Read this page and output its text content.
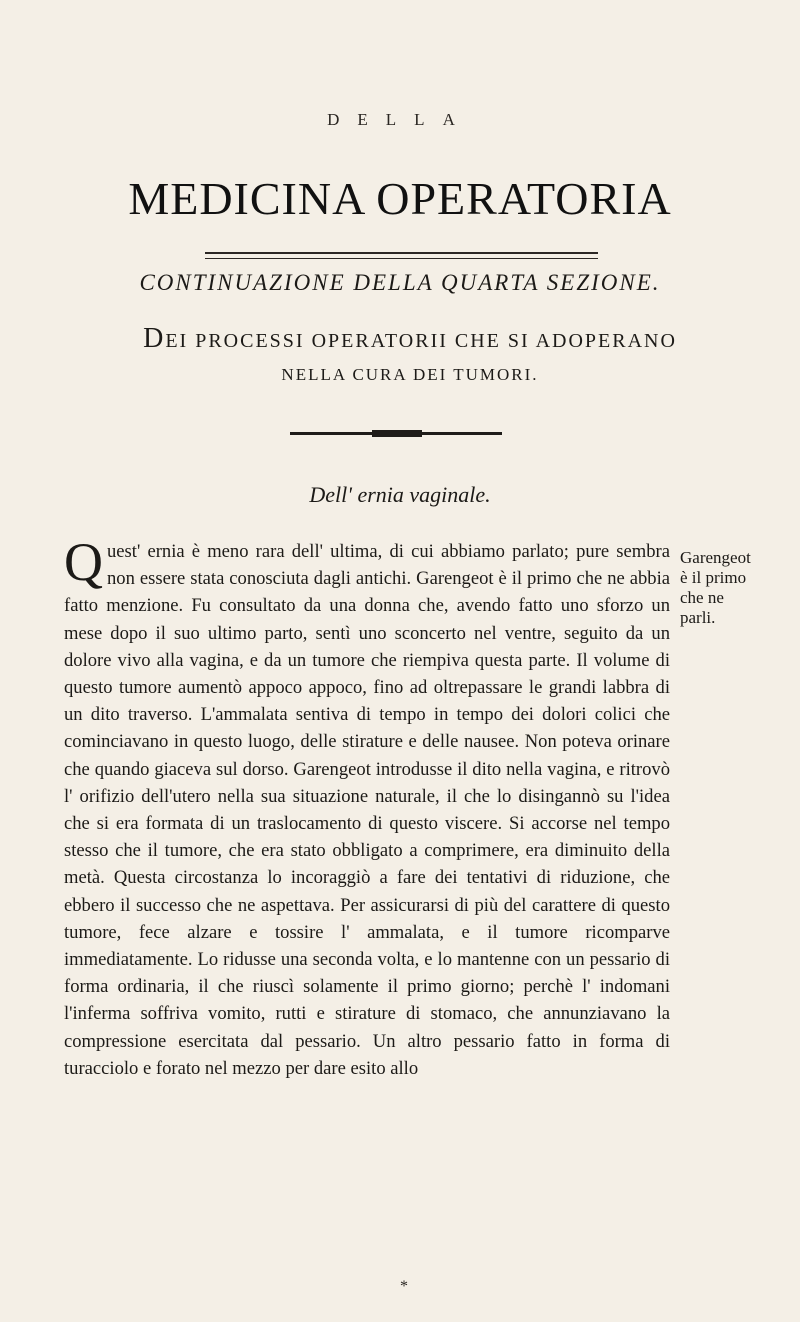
DELLA
MEDICINA OPERATORIA
CONTINUAZIONE DELLA QUARTA SEZIONE.
DEI PROCESSI OPERATORII CHE SI ADOPERANO
NELLA CURA DEI TUMORI.
Dell' ernia vaginale.
Quest' ernia è meno rara dell' ultima, di cui abbiamo parlato; pure sembra non essere stata conosciuta dagli antichi. Garengeot è il primo che ne abbia fatto menzione. Fu consultato da una donna che, avendo fatto uno sforzo un mese dopo il suo ultimo parto, sentì uno sconcerto nel ventre, seguito da un dolore vivo alla vagina, e da un tumore che riempiva questa parte. Il volume di questo tumore aumentò appoco appoco, fino ad oltrepassare le grandi labbra di un dito traverso. L'ammalata sentiva di tempo in tempo dei dolori colici che cominciavano in questo luogo, delle stirature e delle nausee. Non poteva orinare che quando giaceva sul dorso. Garengeot introdusse il dito nella vagina, e ritrovò l' orifizio dell'utero nella sua situazione naturale, il che lo disingannò su l'idea che si era formata di un traslocamento di questo viscere. Si accorse nel tempo stesso che il tumore, che era stato obbligato a comprimere, era diminuito della metà. Questa circostanza lo incoraggiò a fare dei tentativi di riduzione, che ebbero il successo che ne aspettava. Per assicurarsi di più del carattere di questo tumore, fece alzare e tossire l' ammalata, e il tumore ricomparve immediatamente. Lo ridusse una seconda volta, e lo mantenne con un pessario di forma ordinaria, il che riuscì solamente il primo giorno; perchè l' indomani l'inferma soffriva vomito, rutti e stirature di stomaco, che annunziavano la compressione esercitata dal pessario. Un altro pessario fatto in forma di turacciolo e forato nel mezzo per dare esito allo
Garengeot è il primo che ne parli.
*
